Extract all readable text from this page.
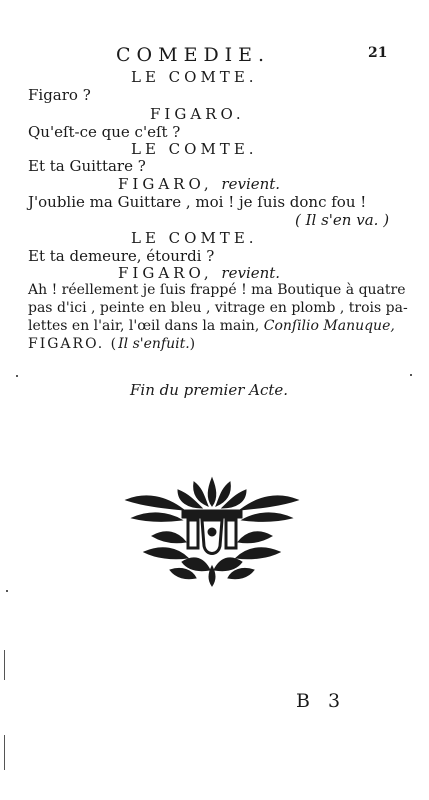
COMEDIE.	21
LE COMTE.
Figaro ?
FIGARO.
Qu'eſt-ce que c'eſt ?
LE COMTE.
Et ta Guittare ?
FIGARO, revient.
J'oublie ma Guittare , moi ! je ſuis donc fou !
( Il s'en va. )
LE COMTE.
Et ta demeure, étourdi ?
FIGARO, revient.
Ah ! réellement je ſuis frappé ! ma Boutique à quatre
pas d'ici , peinte en bleu , vitrage en plomb , trois pa-
lettes en l'air, l'œil dans la main, Conſilio Manuque,
FIGARO. (Il s'enfuit.)
Fin du premier Acte.
B 3
